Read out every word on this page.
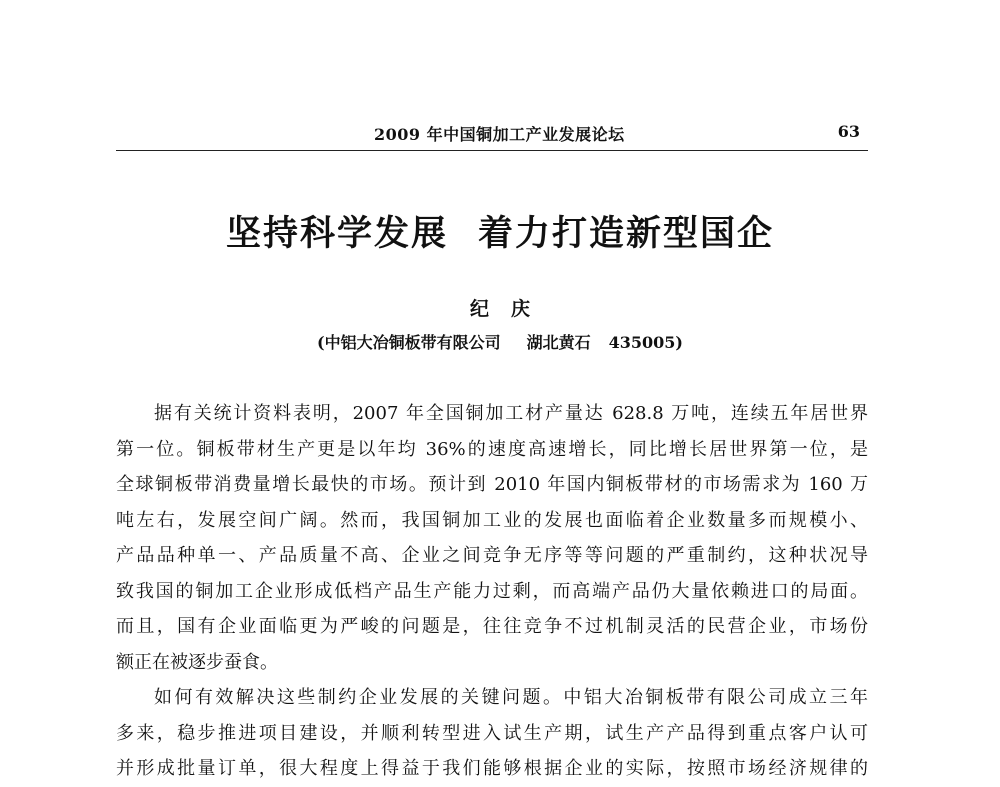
2009 年中国铜加工产业发展论坛	63
坚持科学发展 着力打造新型国企
纪庆
(中铝大冶铜板带有限公司 湖北黄石 435005)
据有关统计资料表明，2007 年全国铜加工材产量达 628.8 万吨，连续五年居世界
第一位。铜板带材生产更是以年均 36%的速度高速增长，同比增长居世界第一位，是
全球铜板带消费量增长最快的市场。预计到 2010 年国内铜板带材的市场需求为 160 万
吨左右，发展空间广阔。然而，我国铜加工业的发展也面临着企业数量多而规模小、
产品品种单一、产品质量不高、企业之间竞争无序等等问题的严重制约，这种状况导
致我国的铜加工企业形成低档产品生产能力过剩，而高端产品仍大量依赖进口的局面。
而且，国有企业面临更为严峻的问题是，往往竞争不过机制灵活的民营企业，市场份
额正在被逐步蚕食。
如何有效解决这些制约企业发展的关键问题。中铝大冶铜板带有限公司成立三年
多来，稳步推进项目建设，并顺利转型进入试生产期，试生产产品得到重点客户认可
并形成批量订单，很大程度上得益于我们能够根据企业的实际，按照市场经济规律的
